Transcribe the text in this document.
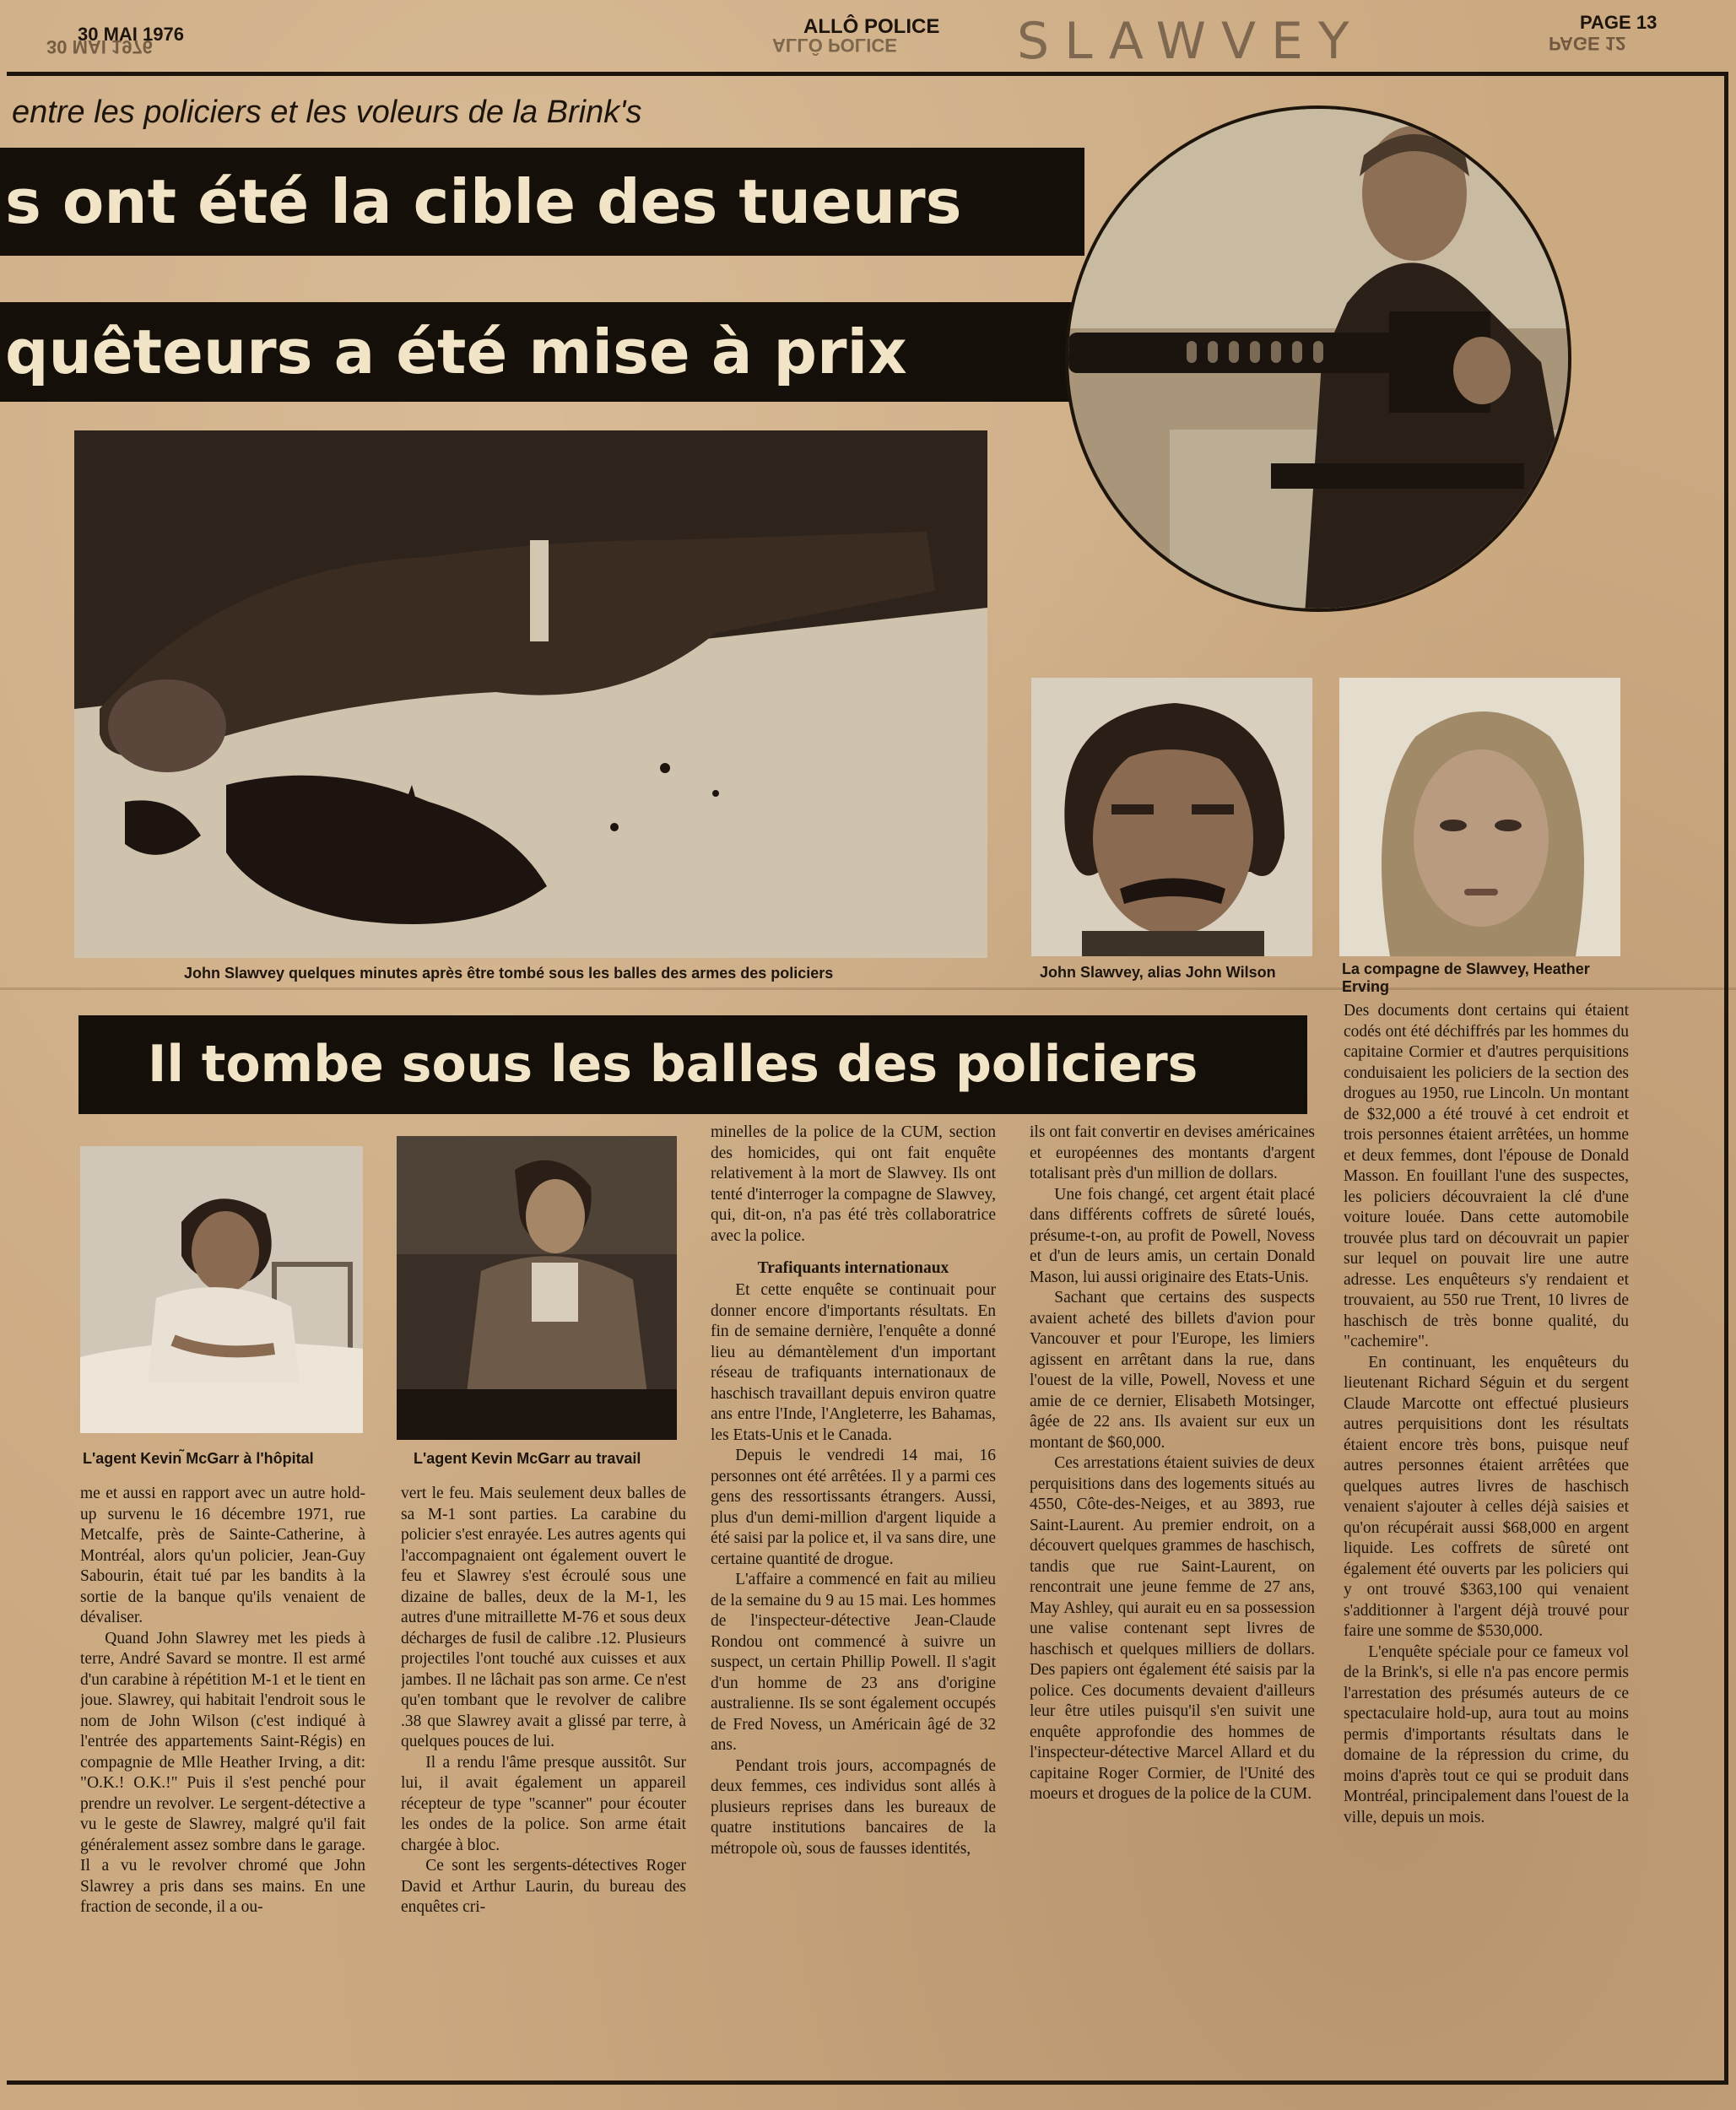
30 MAI 1976
30 MAI 1976
ALLÔ POLICE
ALLÔ POLICE
PAGE 12
PAGE 13
SLAWVEY
entre les policiers et les voleurs de la Brink's
s ont été la cible des tueurs
quêteurs a été mise à prix
John Slawvey quelques minutes après être tombé sous les balles des armes des policiers	John Slawvey, alias John Wilson	La compagne de Slawvey, Heather Erving
Il tombe sous les balles des policiers
L'agent Kevin ̃McGarr à l'hôpital	L'agent Kevin McGarr au travail

me et aussi en rapport avec un autre hold-up survenu le 16 décembre 1971, rue Metcalfe, près de Sainte-Catherine, à Montréal, alors qu'un policier, Jean-Guy Sabourin, était tué par les bandits à la sortie de la banque qu'ils venaient de dévaliser.

Quand John Slawrey met les pieds à terre, André Savard se montre. Il est armé d'un carabine à répétition M-1 et le tient en joue. Slawrey, qui habitait l'endroit sous le nom de John Wilson (c'est indiqué à l'entrée des appartements Saint-Régis) en compagnie de Mlle Heather Irving, a dit: "O.K.! O.K.!" Puis il s'est penché pour prendre un revolver. Le sergent-détective a vu le geste de Slawrey, malgré qu'il fait généralement assez sombre dans le garage. Il a vu le revolver chromé que John Slawrey a pris dans ses mains. En une fraction de seconde, il a ou-

vert le feu. Mais seulement deux balles de sa M-1 sont parties. La carabine du policier s'est enrayée. Les autres agents qui l'accompagnaient ont également ouvert le feu et Slawrey s'est écroulé sous une dizaine de balles, deux de la M-1, les autres d'une mitraillette M-76 et sous deux décharges de fusil de calibre .12. Plusieurs projectiles l'ont touché aux cuisses et aux jambes. Il ne lâchait pas son arme. Ce n'est qu'en tombant que le revolver de calibre .38 que Slawrey avait a glissé par terre, à quelques pouces de lui.

Il a rendu l'âme presque aussitôt. Sur lui, il avait également un appareil récepteur de type "scanner" pour écouter les ondes de la police. Son arme était chargée à bloc.

Ce sont les sergents-détectives Roger David et Arthur Laurin, du bureau des enquêtes cri-

minelles de la police de la CUM, section des homicides, qui ont fait enquête relativement à la mort de Slawvey. Ils ont tenté d'interroger la compagne de Slawvey, qui, dit-on, n'a pas été très collaboratrice avec la police.

Trafiquants internationaux

Et cette enquête se continuait pour donner encore d'importants résultats. En fin de semaine dernière, l'enquête a donné lieu au démantèlement d'un important réseau de trafiquants internationaux de haschisch travaillant depuis environ quatre ans entre l'Inde, l'Angleterre, les Bahamas, les Etats-Unis et le Canada.

Depuis le vendredi 14 mai, 16 personnes ont été arrêtées. Il y a parmi ces gens des ressortissants étrangers. Aussi, plus d'un demi-million d'argent liquide a été saisi par la police et, il va sans dire, une certaine quantité de drogue.

L'affaire a commencé en fait au milieu de la semaine du 9 au 15 mai. Les hommes de l'inspecteur-détective Jean-Claude Rondou ont commencé à suivre un suspect, un certain Phillip Powell. Il s'agit d'un homme de 23 ans d'origine australienne. Ils se sont également occupés de Fred Novess, un Américain âgé de 32 ans.

Pendant trois jours, accompagnés de deux femmes, ces individus sont allés à plusieurs reprises dans les bureaux de quatre institutions bancaires de la métropole où, sous de fausses identités,

ils ont fait convertir en devises américaines et européennes des montants d'argent totalisant près d'un million de dollars.

Une fois changé, cet argent était placé dans différents coffrets de sûreté loués, présume-t-on, au profit de Powell, Novess et d'un de leurs amis, un certain Donald Mason, lui aussi originaire des Etats-Unis.

Sachant que certains des suspects avaient acheté des billets d'avion pour Vancouver et pour l'Europe, les limiers agissent en arrêtant dans la rue, dans l'ouest de la ville, Powell, Novess et une amie de ce dernier, Elisabeth Motsinger, âgée de 22 ans. Ils avaient sur eux un montant de $60,000.

Ces arrestations étaient suivies de deux perquisitions dans des logements situés au 4550, Côte-des-Neiges, et au 3893, rue Saint-Laurent. Au premier endroit, on a découvert quelques grammes de haschisch, tandis que rue Saint-Laurent, on rencontrait une jeune femme de 27 ans, May Ashley, qui aurait eu en sa possession une valise contenant sept livres de haschisch et quelques milliers de dollars. Des papiers ont également été saisis par la police. Ces documents devaient d'ailleurs leur être utiles puisqu'il s'en suivit une enquête approfondie des hommes de l'inspecteur-détective Marcel Allard et du capitaine Roger Cormier, de l'Unité des moeurs et drogues de la police de la CUM.

Des documents dont certains qui étaient codés ont été déchiffrés par les hommes du capitaine Cormier et d'autres perquisitions conduisaient les policiers de la section des drogues au 1950, rue Lincoln. Un montant de $32,000 a été trouvé à cet endroit et trois personnes étaient arrêtées, un homme et deux femmes, dont l'épouse de Donald Masson. En fouillant l'une des suspectes, les policiers découvraient la clé d'une voiture louée. Dans cette automobile trouvée plus tard on découvrait un papier sur lequel on pouvait lire une autre adresse. Les enquêteurs s'y rendaient et trouvaient, au 550 rue Trent, 10 livres de haschisch de très bonne qualité, du "cachemire".

En continuant, les enquêteurs du lieutenant Richard Séguin et du sergent Claude Marcotte ont effectué plusieurs autres perquisitions dont les résultats étaient encore très bons, puisque neuf autres personnes étaient arrêtées que quelques autres livres de haschisch venaient s'ajouter à celles déjà saisies et qu'on récupérait aussi $68,000 en argent liquide. Les coffrets de sûreté ont également été ouverts par les policiers qui y ont trouvé $363,100 qui venaient s'additionner à l'argent déjà trouvé pour faire une somme de $530,000.

L'enquête spéciale pour ce fameux vol de la Brink's, si elle n'a pas encore permis l'arrestation des présumés auteurs de ce spectaculaire hold-up, aura tout au moins permis d'importants résultats dans le domaine de la répression du crime, du moins d'après tout ce qui se produit dans Montréal, principalement dans l'ouest de la ville, depuis un mois.
